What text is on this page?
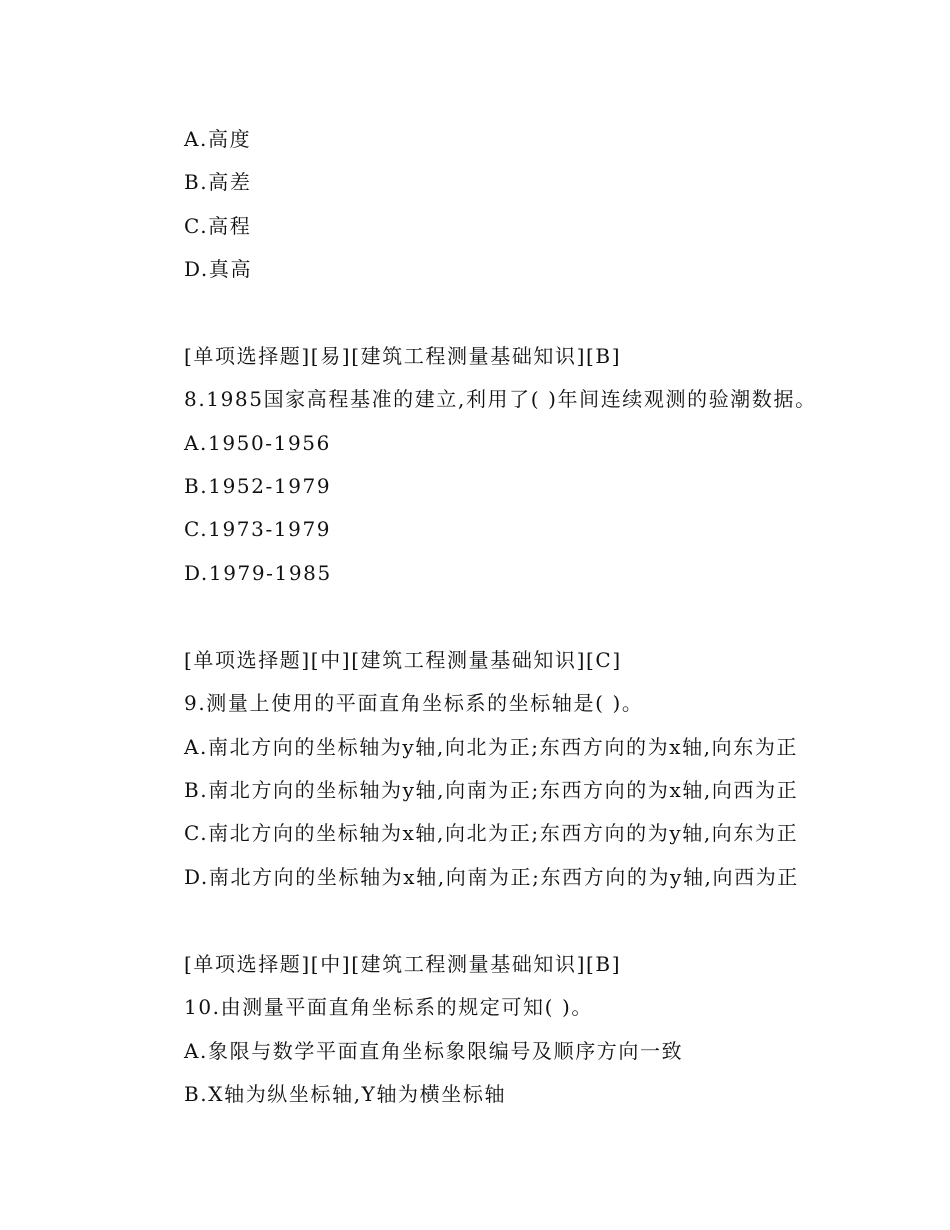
A.高度
B.高差
C.高程
D.真高
[单项选择题][易][建筑工程测量基础知识][B]
8.1985国家高程基准的建立,利用了( )年间连续观测的验潮数据。
A.1950-1956
B.1952-1979
C.1973-1979
D.1979-1985
[单项选择题][中][建筑工程测量基础知识][C]
9.测量上使用的平面直角坐标系的坐标轴是( )。
A.南北方向的坐标轴为y轴,向北为正;东西方向的为x轴,向东为正
B.南北方向的坐标轴为y轴,向南为正;东西方向的为x轴,向西为正
C.南北方向的坐标轴为x轴,向北为正;东西方向的为y轴,向东为正
D.南北方向的坐标轴为x轴,向南为正;东西方向的为y轴,向西为正
[单项选择题][中][建筑工程测量基础知识][B]
10.由测量平面直角坐标系的规定可知( )。
A.象限与数学平面直角坐标象限编号及顺序方向一致
B.X轴为纵坐标轴,Y轴为横坐标轴
